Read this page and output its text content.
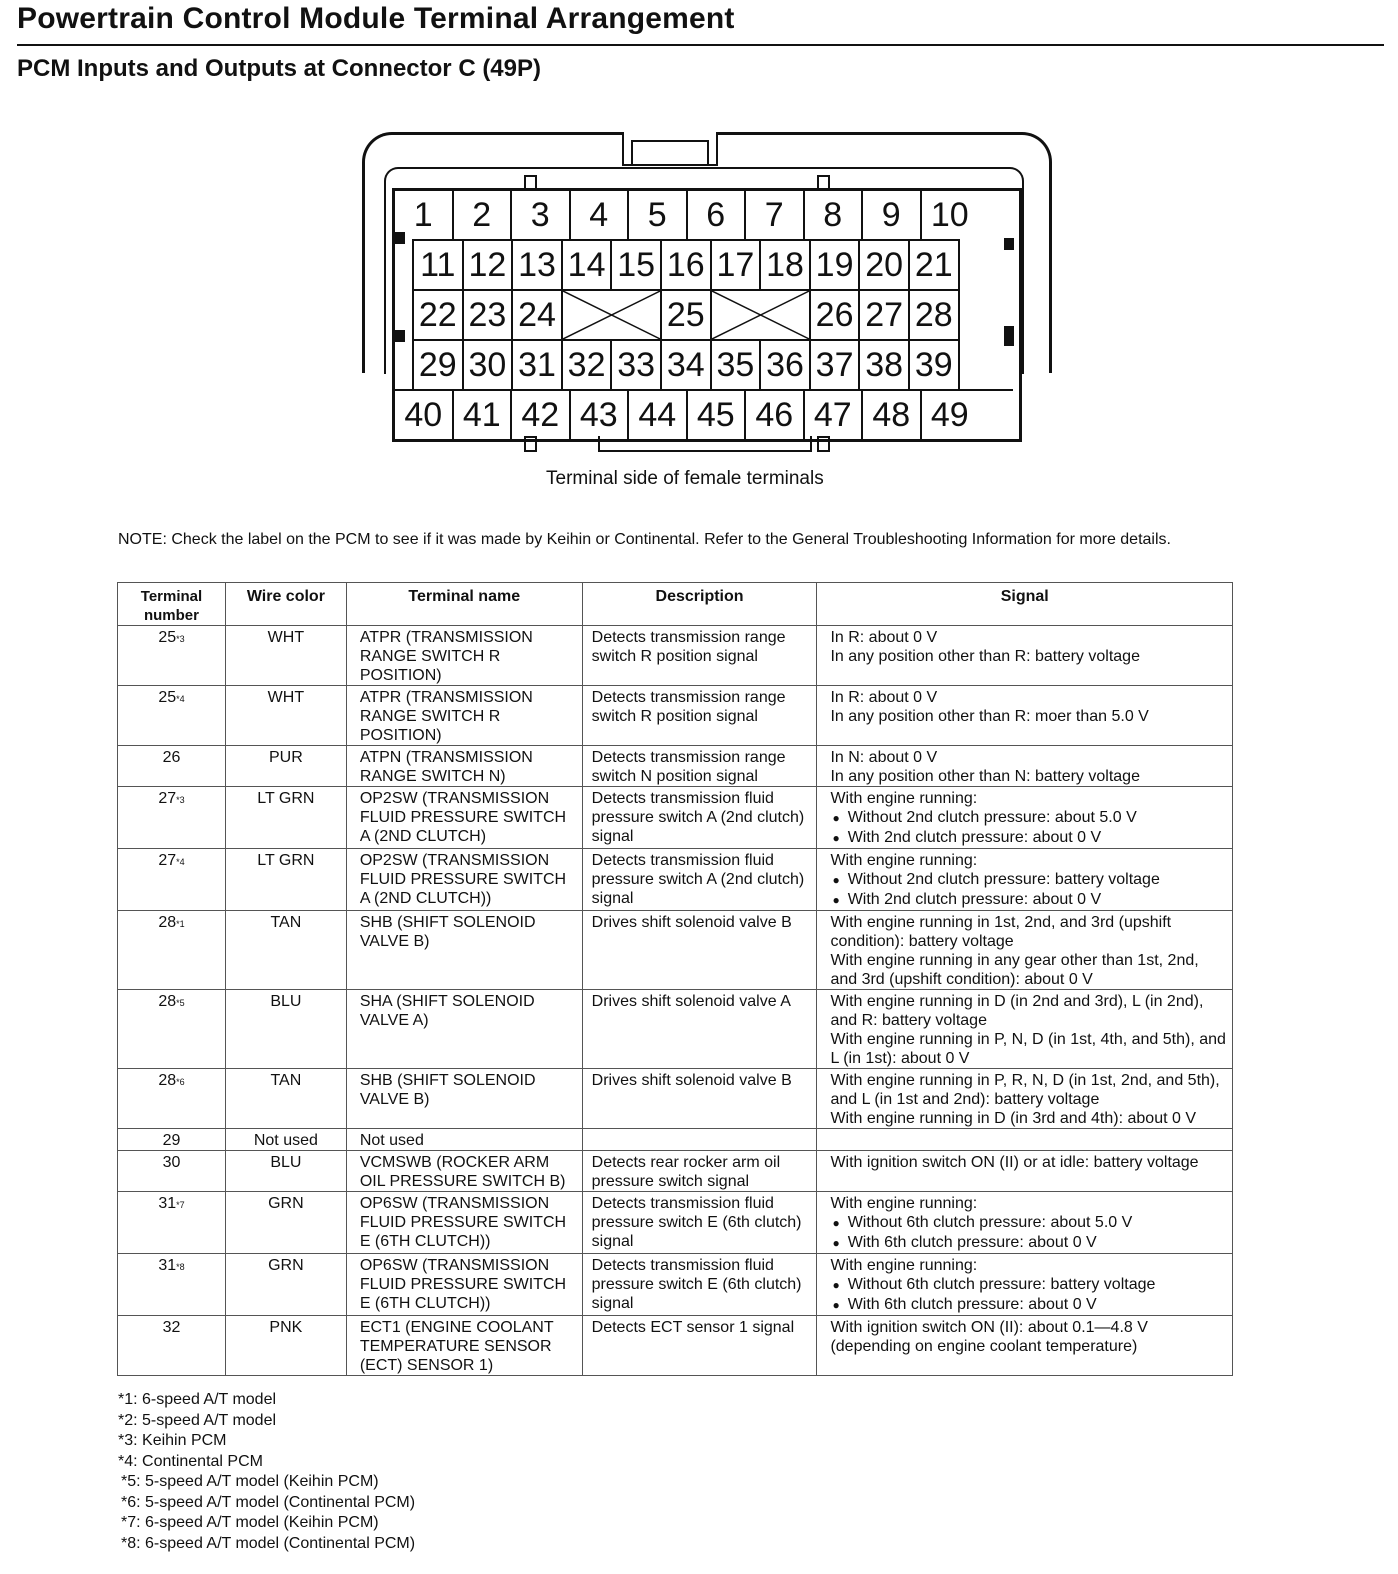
Powertrain Control Module Terminal Arrangement
PCM Inputs and Outputs at Connector C (49P)
1	2	3	4	5	6	7	8	9 10
11 12 13 14 15 16 17 18 19 20 21
22 23 24	25	26 27 28
29 30 31 32 33 34 35 36 37 38 39
40 41 42 43 44 45 46 47 48 49

Terminal side of female terminals

NOTE: Check the label on the PCM to see if it was made by Keihin or Continental. Refer to the General Troubleshooting Information for more details.

Terminal number	Wire color	Terminal name	Description	Signal
25$^{*3}$	WHT	ATPR (TRANSMISSION RANGE SWITCH R POSITION)	Detects transmission range switch R position signal	In R: about 0 V
In any position other than R: battery voltage

25$^{*4}$	WHT	ATPR (TRANSMISSION RANGE SWITCH R POSITION)	Detects transmission range switch R position signal	In R: about 0 V
In any position other than R: moer than 5.0 V

26	PUR	ATPN (TRANSMISSION RANGE SWITCH N)	Detects transmission range switch N position signal	In N: about 0 V
In any position other than N: battery voltage

27$^{*3}$	LT GRN	OP2SW (TRANSMISSION FLUID PRESSURE SWITCH A (2ND CLUTCH)	Detects transmission fluid pressure switch A (2nd clutch) signal	With engine running:
● Without 2nd clutch pressure: about 5.0 V
● With 2nd clutch pressure: about 0 V

27$^{*4}$	LT GRN	OP2SW (TRANSMISSION FLUID PRESSURE SWITCH A (2ND CLUTCH))	Detects transmission fluid pressure switch A (2nd clutch) signal	With engine running:
● Without 2nd clutch pressure: battery voltage
● With 2nd clutch pressure: about 0 V

28$^{*1}$	TAN	SHB (SHIFT SOLENOID VALVE B)	Drives shift solenoid valve B	With engine running in 1st, 2nd, and 3rd (upshift condition): battery voltage
With engine running in any gear other than 1st, 2nd, and 3rd (upshift condition): about 0 V

28$^{*5}$	BLU	SHA (SHIFT SOLENOID VALVE A)	Drives shift solenoid valve A	With engine running in D (in 2nd and 3rd), L (in 2nd), and R: battery voltage
With engine running in P, N, D (in 1st, 4th, and 5th), and L (in 1st): about 0 V

28$^{*6}$	TAN	SHB (SHIFT SOLENOID VALVE B)	Drives shift solenoid valve B	With engine running in P, R, N, D (in 1st, 2nd, and 5th), and L (in 1st and 2nd): battery voltage
With engine running in D (in 3rd and 4th): about 0 V

29	Not used	Not used		
30	BLU	VCMSWB (ROCKER ARM OIL PRESSURE SWITCH B)	Detects rear rocker arm oil pressure switch signal	With ignition switch ON (II) or at idle: battery voltage

31$^{*7}$	GRN	OP6SW (TRANSMISSION FLUID PRESSURE SWITCH E (6TH CLUTCH))	Detects transmission fluid pressure switch E (6th clutch) signal	With engine running:
● Without 6th clutch pressure: about 5.0 V
● With 6th clutch pressure: about 0 V

31$^{*8}$	GRN	OP6SW (TRANSMISSION FLUID PRESSURE SWITCH E (6TH CLUTCH))	Detects transmission fluid pressure switch E (6th clutch) signal	With engine running:
● Without 6th clutch pressure: battery voltage
● With 6th clutch pressure: about 0 V

32	PNK	ECT1 (ENGINE COOLANT TEMPERATURE SENSOR (ECT) SENSOR 1)	Detects ECT sensor 1 signal	With ignition switch ON (II): about 0.1—4.8 V (depending on engine coolant temperature)
*1: 6-speed A/T model
*2: 5-speed A/T model
*3: Keihin PCM
*4: Continental PCM
*5: 5-speed A/T model (Keihin PCM)
*6: 5-speed A/T model (Continental PCM)
*7: 6-speed A/T model (Keihin PCM)
*8: 6-speed A/T model (Continental PCM)
